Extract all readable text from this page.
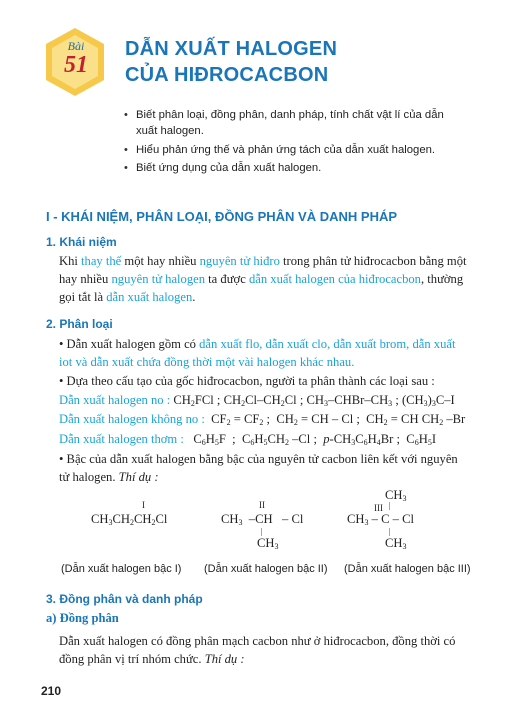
Bài
51
DẪN XUẤT HALOGEN
CỦA HIĐROCACBON
• Biết phân loại, đồng phân, danh pháp, tính chất vật lí của dẫn
xuất halogen.
• Hiểu phản ứng thế và phản ứng tách của dẫn xuất halogen.
• Biết ứng dụng của dẫn xuất halogen.
I - KHÁI NIỆM, PHÂN LOẠI, ĐỒNG PHÂN VÀ DANH PHÁP
1. Khái niệm
Khi thay thế một hay nhiều nguyên tử hiđro trong phân tử hiđrocacbon bằng một
hay nhiều nguyên tử halogen ta được dẫn xuất halogen của hiđrocacbon, thường
gọi tắt là dẫn xuất halogen.
2. Phân loại
• Dẫn xuất halogen gồm có dẫn xuất flo, dẫn xuất clo, dẫn xuất brom, dẫn xuất
iot và dẫn xuất chứa đồng thời một vài halogen khác nhau.
• Dựa theo cấu tạo của gốc hiđrocacbon, người ta phân thành các loại sau :
Dẫn xuất halogen no : $CH_2FCl$ ; $CH_2Cl-CH_2Cl$ ; $CH_3-CHBr-CH_3$ ; $(CH_3)_3C-I$
Dẫn xuất halogen không no :  $CF_2 = CF_2$ ;  $CH_2$ = CH – Cl ;  $CH_2$ = CH $CH_2$ –Br
Dẫn xuất halogen thơm :   $C_6H_5F$  ;  $C_6H_5CH_2$ –Cl ;  $p-CH_3C_6H_4Br$ ;  $C_6H_5I$
• Bậc của dẫn xuất halogen bằng bậc của nguyên tử cacbon liên kết với nguyên
tử halogen. Thí dụ :
I
$CH_3CH_2CH_2Cl$
II
$CH_3$  –CH   – Cl
|
$CH_3$
$CH_3$
|
III
$CH_3$ – C – Cl
|
$CH_3$
(Dẫn xuất halogen bậc I) (Dẫn xuất halogen bậc II) (Dẫn xuất halogen bậc III)
3. Đồng phân và danh pháp
a) Đồng phân
Dẫn xuất halogen có đồng phân mạch cacbon như ở hiđrocacbon, đồng thời có
đồng phân vị trí nhóm chức. Thí dụ :
210
